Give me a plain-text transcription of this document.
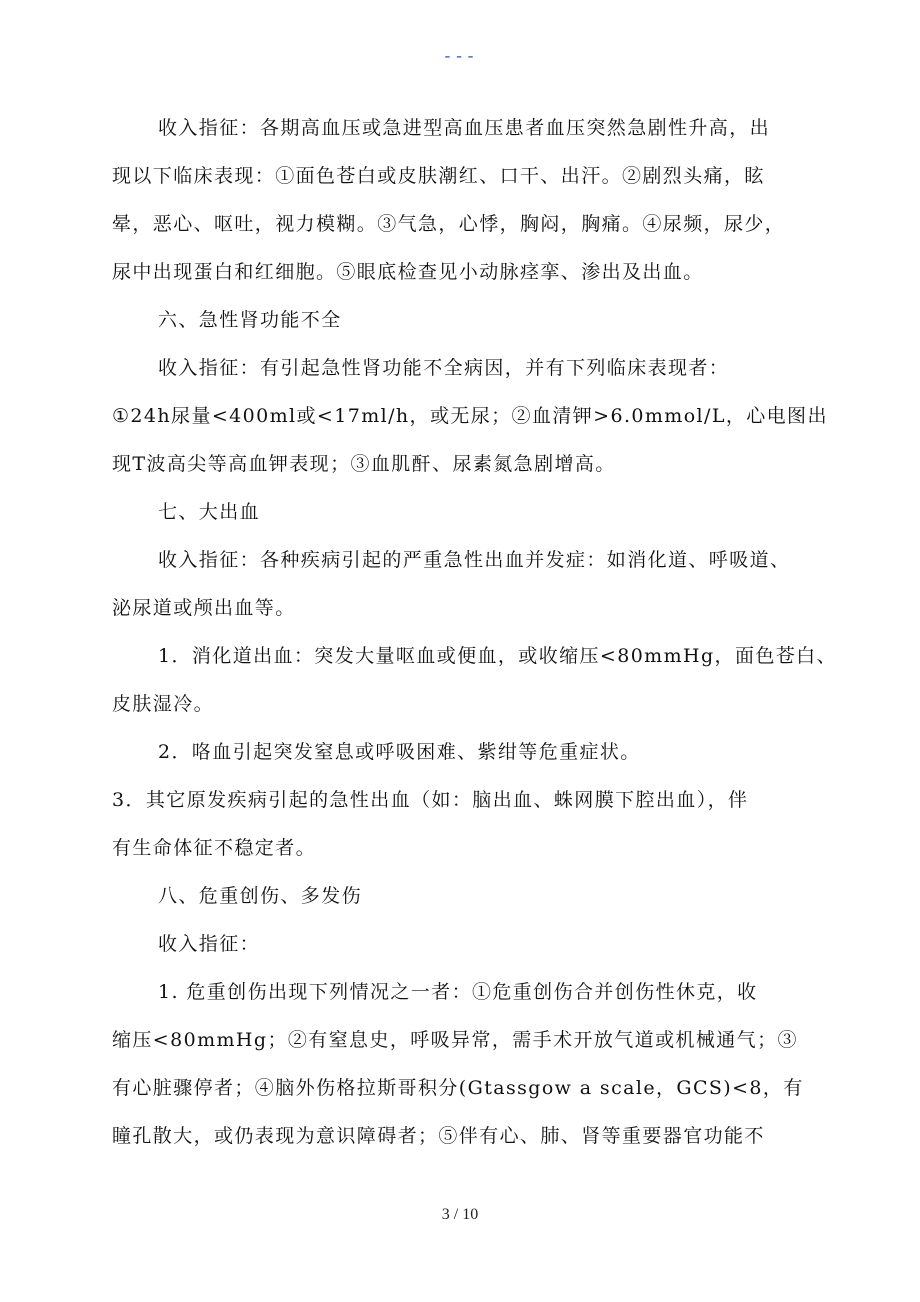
---
收入指征：各期高血压或急进型高血压患者血压突然急剧性升高，出
现以下临床表现：①面色苍白或皮肤潮红、口干、出汗。②剧烈头痛，眩
晕，恶心、呕吐，视力模糊。③气急，心悸，胸闷，胸痛。④尿频，尿少，
尿中出现蛋白和红细胞。⑤眼底检查见小动脉痉挛、渗出及出血。
六、急性肾功能不全
收入指征：有引起急性肾功能不全病因，并有下列临床表现者：
①24h尿量<400ml或<17ml/h，或无尿；②血清钾>6.0mmol/L，心电图出
现T波高尖等高血钾表现；③血肌酐、尿素氮急剧增高。
七、大出血
收入指征：各种疾病引起的严重急性出血并发症：如消化道、呼吸道、
泌尿道或颅出血等。
1．消化道出血：突发大量呕血或便血，或收缩压<80mmHg，面色苍白、
皮肤湿冷。
2．咯血引起突发窒息或呼吸困难、紫绀等危重症状。
3．其它原发疾病引起的急性出血（如：脑出血、蛛网膜下腔出血），伴
有生命体征不稳定者。
八、危重创伤、多发伤
收入指征：
1. 危重创伤出现下列情况之一者：①危重创伤合并创伤性休克，收
缩压<80mmHg；②有窒息史，呼吸异常，需手术开放气道或机械通气；③
有心脏骤停者；④脑外伤格拉斯哥积分(Gtassgow a scale，GCS)<8，有
瞳孔散大，或仍表现为意识障碍者；⑤伴有心、肺、肾等重要器官功能不
3 / 10
